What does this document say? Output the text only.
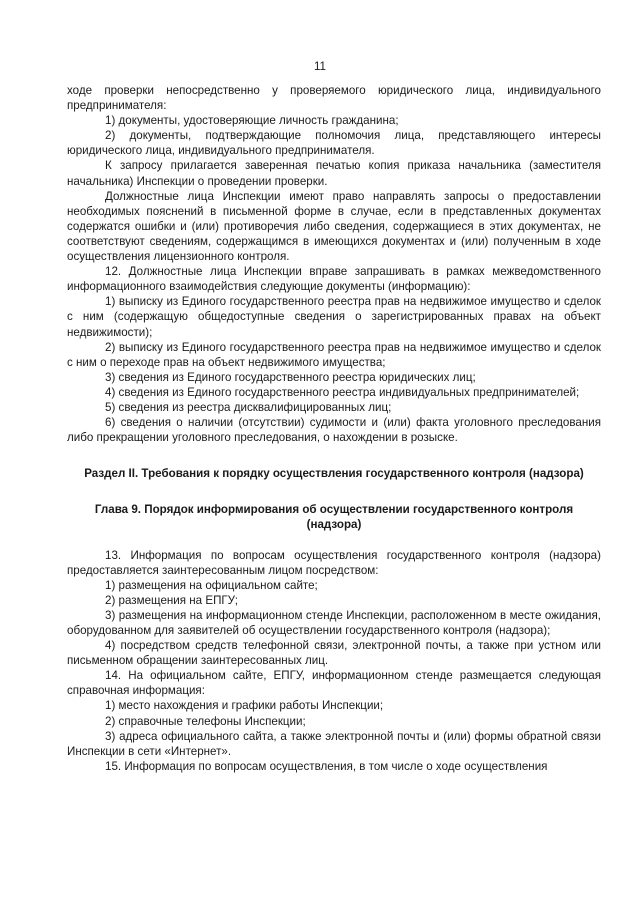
11

ходе проверки непосредственно у проверяемого юридического лица, индивидуального предпринимателя:

1) документы, удостоверяющие личность гражданина;

2) документы, подтверждающие полномочия лица, представляющего интересы юридического лица, индивидуального предпринимателя.

К запросу прилагается заверенная печатью копия приказа начальника (заместителя начальника) Инспекции о проведении проверки.

Должностные лица Инспекции имеют право направлять запросы о предоставлении необходимых пояснений в письменной форме в случае, если в представленных документах содержатся ошибки и (или) противоречия либо сведения, содержащиеся в этих документах, не соответствуют сведениям, содержащимся в имеющихся документах и (или) полученным в ходе осуществления лицензионного контроля.

12. Должностные лица Инспекции вправе запрашивать в рамках межведомственного информационного взаимодействия следующие документы (информацию):

1) выписку из Единого государственного реестра прав на недвижимое имущество и сделок с ним (содержащую общедоступные сведения о зарегистрированных правах на объект недвижимости);

2) выписку из Единого государственного реестра прав на недвижимое имущество и сделок с ним о переходе прав на объект недвижимого имущества;

3) сведения из Единого государственного реестра юридических лиц;

4) сведения из Единого государственного реестра индивидуальных предпринимателей;

5) сведения из реестра дисквалифицированных лиц;

6) сведения о наличии (отсутствии) судимости и (или) факта уголовного преследования либо прекращении уголовного преследования, о нахождении в розыске.

Раздел II. Требования к порядку осуществления государственного контроля (надзора)

Глава 9. Порядок информирования об осуществлении государственного контроля (надзора)

13. Информация по вопросам осуществления государственного контроля (надзора) предоставляется заинтересованным лицом посредством:

1) размещения на официальном сайте;

2) размещения на ЕПГУ;

3) размещения на информационном стенде Инспекции, расположенном в месте ожидания, оборудованном для заявителей об осуществлении государственного контроля (надзора);

4) посредством средств телефонной связи, электронной почты, а также при устном или письменном обращении заинтересованных лиц.

14. На официальном сайте, ЕПГУ, информационном стенде размещается следующая справочная информация:

1) место нахождения и графики работы Инспекции;

2) справочные телефоны Инспекции;

3) адреса официального сайта, а также электронной почты и (или) формы обратной связи Инспекции в сети «Интернет».

15. Информация по вопросам осуществления, в том числе о ходе осуществления
